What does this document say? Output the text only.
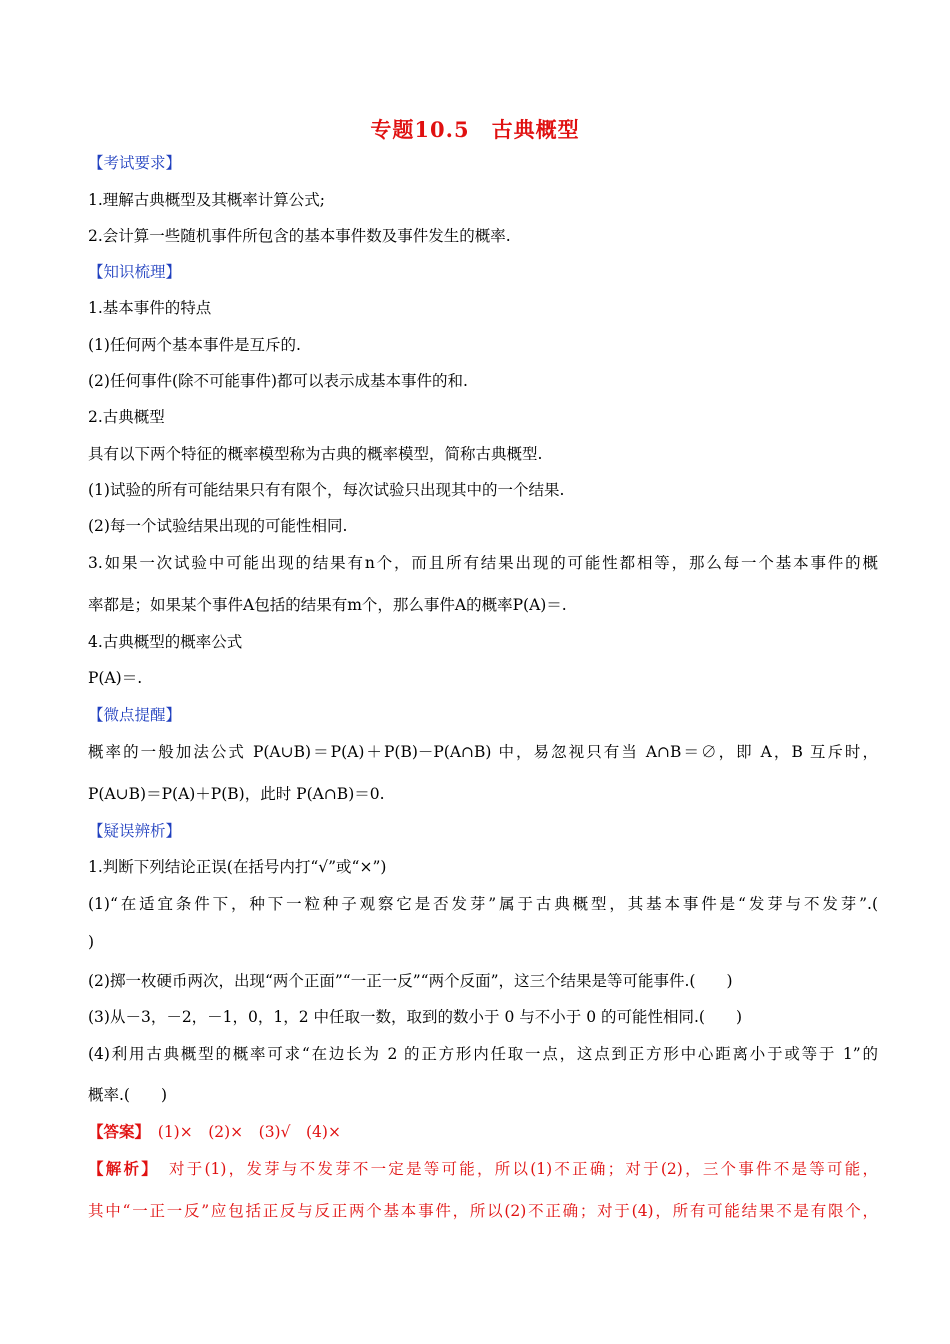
专题10.5　古典概型
【考试要求】
1.理解古典概型及其概率计算公式;
2.会计算一些随机事件所包含的基本事件数及事件发生的概率.
【知识梳理】
1.基本事件的特点
(1)任何两个基本事件是互斥的.
(2)任何事件(除不可能事件)都可以表示成基本事件的和.
2.古典概型
具有以下两个特征的概率模型称为古典的概率模型，简称古典概型.
(1)试验的所有可能结果只有有限个，每次试验只出现其中的一个结果.
(2)每一个试验结果出现的可能性相同.
3.如果一次试验中可能出现的结果有n个，而且所有结果出现的可能性都相等，那么每一个基本事件的概
率都是；如果某个事件A包括的结果有m个，那么事件A的概率P(A)＝.
4.古典概型的概率公式
P(A)＝.
【微点提醒】
概率的一般加法公式 P(A∪B)＝P(A)＋P(B)－P(A∩B) 中，易忽视只有当 A∩B＝∅，即 A，B 互斥时，
P(A∪B)＝P(A)＋P(B)，此时 P(A∩B)＝0.
【疑误辨析】
1.判断下列结论正误(在括号内打“√”或“×”)
(1)“在适宜条件下，种下一粒种子观察它是否发芽”属于古典概型，其基本事件是“发芽与不发芽”.(
)
(2)掷一枚硬币两次，出现“两个正面”“一正一反”“两个反面”，这三个结果是等可能事件.(　　)
(3)从－3，－2，－1，0，1，2 中任取一数，取到的数小于 0 与不小于 0 的可能性相同.(　　)
(4)利用古典概型的概率可求“在边长为 2 的正方形内任取一点，这点到正方形中心距离小于或等于 1”的
概率.(　　)
【答案】　(1)×　(2)×　(3)√　(4)×
【解析】　对于(1)，发芽与不发芽不一定是等可能，所以(1)不正确；对于(2)，三个事件不是等可能，
其中“一正一反”应包括正反与反正两个基本事件，所以(2)不正确；对于(4)，所有可能结果不是有限个，
